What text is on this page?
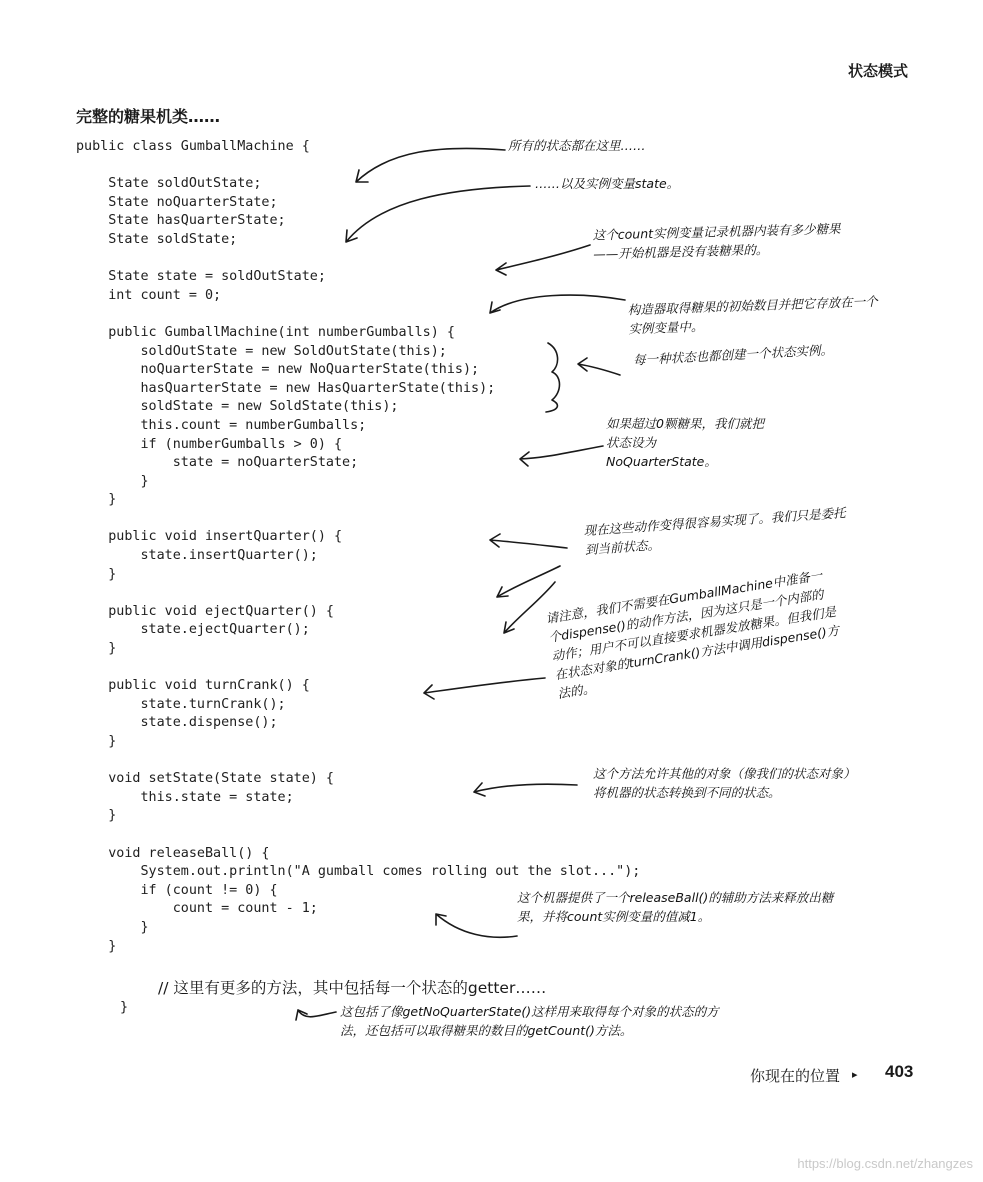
状态模式
完整的糖果机类……
public class GumballMachine {
State soldOutState;
State noQuarterState;
State hasQuarterState;
State soldState;
State state = soldOutState;
int count = 0;
public GumballMachine(int numberGumballs) {
soldOutState = new SoldOutState(this);
noQuarterState = new NoQuarterState(this);
hasQuarterState = new HasQuarterState(this);
soldState = new SoldState(this);
this.count = numberGumballs;
if (numberGumballs > 0) {
state = noQuarterState;
}
}
public void insertQuarter() {
state.insertQuarter();
}
public void ejectQuarter() {
state.ejectQuarter();
}
public void turnCrank() {
state.turnCrank();
state.dispense();
}
void setState(State state) {
this.state = state;
}
void releaseBall() {
System.out.println("A gumball comes rolling out the slot...");
if (count != 0) {
count = count - 1;
}
}
// 这里有更多的方法，其中包括每一个状态的getter……
}
所有的状态都在这里……
……以及实例变量state。
这个count实例变量记录机器内装有多少糖果——开始机器是没有装糖果的。
构造器取得糖果的初始数目并把它存放在一个实例变量中。
每一种状态也都创建一个状态实例。
如果超过0颗糖果，我们就把状态设为NoQuarterState。
现在这些动作变得很容易实现了。我们只是委托到当前状态。
请注意，我们不需要在GumballMachine中准备一个dispense()的动作方法，因为这只是一个内部的动作；用户不可以直接要求机器发放糖果。但我们是在状态对象的turnCrank()方法中调用dispense()方法的。
这个方法允许其他的对象（像我们的状态对象）将机器的状态转换到不同的状态。
这个机器提供了一个releaseBall()的辅助方法来释放出糖果，并将count实例变量的值减1。
这包括了像getNoQuarterState()这样用来取得每个对象的状态的方法，还包括可以取得糖果的数目的getCount()方法。
你现在的位置 ▸ 403
https://blog.csdn.net/zhangzes
